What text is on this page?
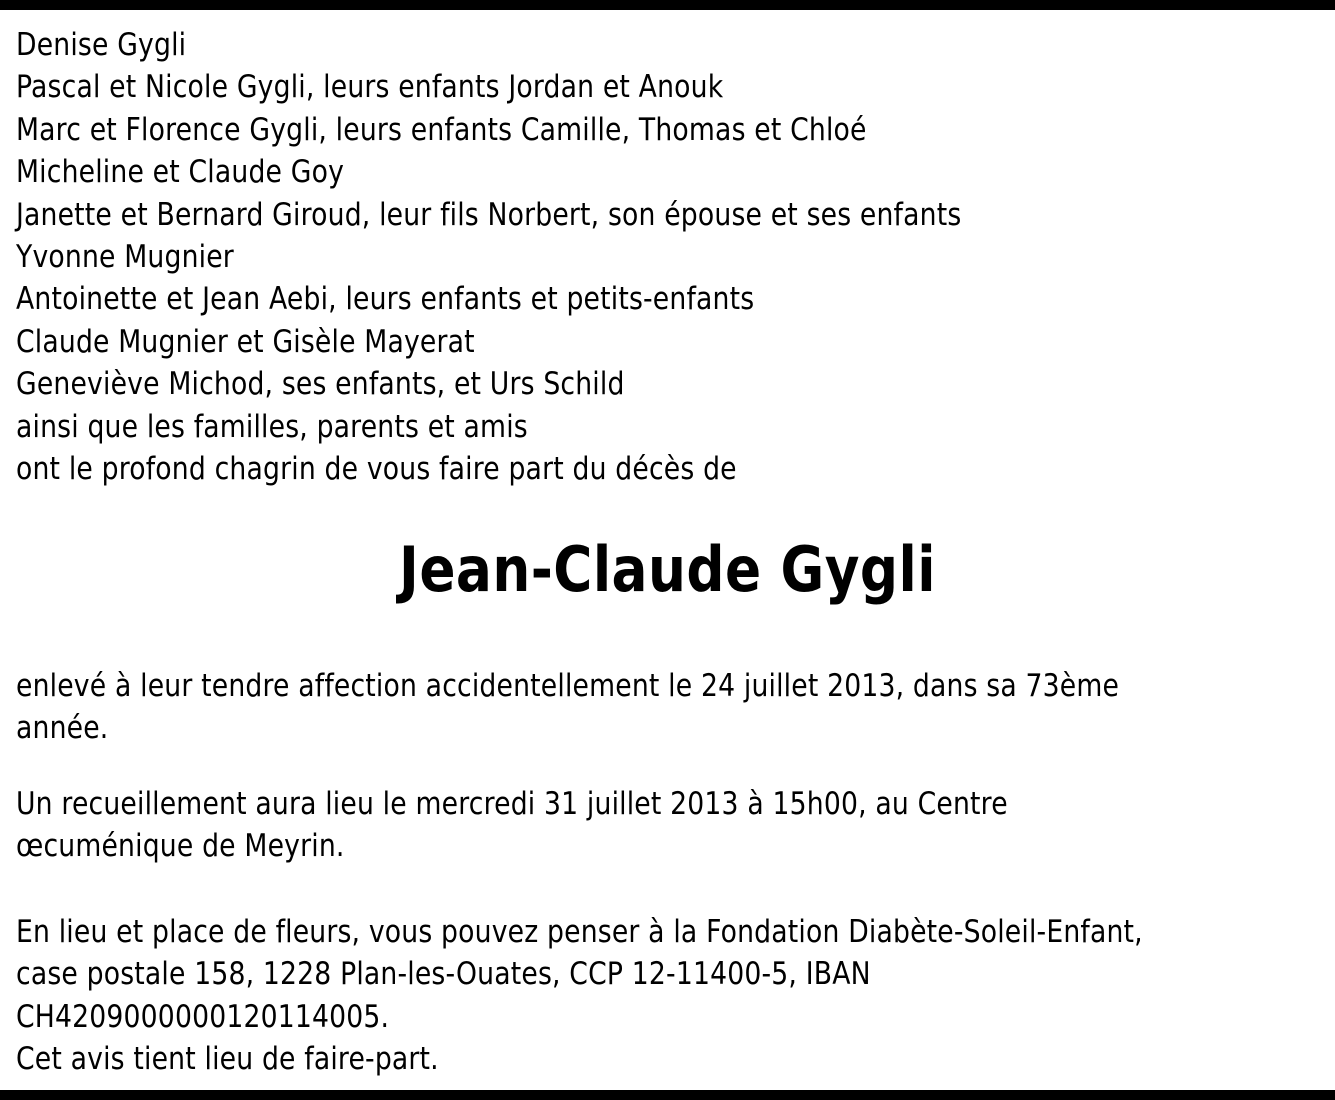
Denise Gygli
Pascal et Nicole Gygli, leurs enfants Jordan et Anouk
Marc et Florence Gygli, leurs enfants Camille, Thomas et Chloé
Micheline et Claude Goy
Janette et Bernard Giroud, leur fils Norbert, son épouse et ses enfants
Yvonne Mugnier
Antoinette et Jean Aebi, leurs enfants et petits-enfants
Claude Mugnier et Gisèle Mayerat
Geneviève Michod, ses enfants, et Urs Schild
ainsi que les familles, parents et amis
ont le profond chagrin de vous faire part du décès de
Jean-Claude Gygli
enlevé à leur tendre affection accidentellement le 24 juillet 2013, dans sa 73ème
année.
Un recueillement aura lieu le mercredi 31 juillet 2013 à 15h00, au Centre
œcuménique de Meyrin.
En lieu et place de fleurs, vous pouvez penser à la Fondation Diabète-Soleil-Enfant,
case postale 158, 1228 Plan-les-Ouates, CCP 12-11400-5, IBAN
CH4209000000120114005.
Cet avis tient lieu de faire-part.
